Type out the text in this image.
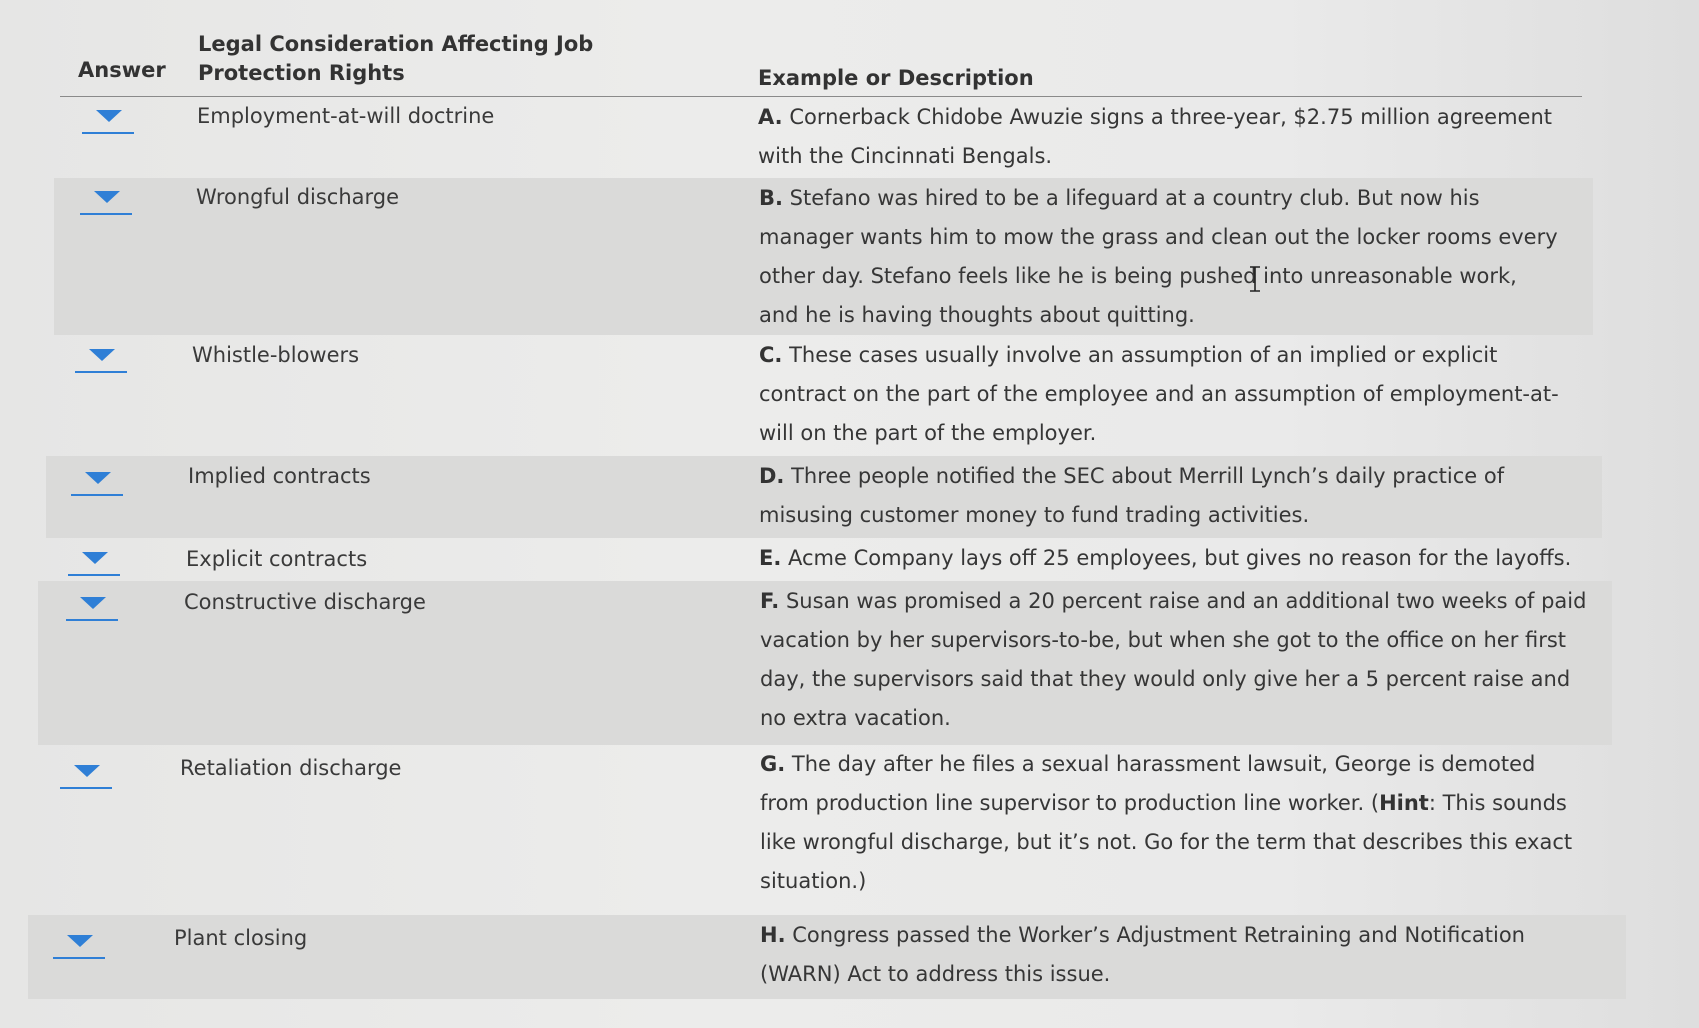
Answer
Legal Consideration Affecting Job Protection Rights	Example or Description
Employment-at-will doctrine	A. Cornerback Chidobe Awuzie signs a three-year, $2.75 million agreement with the Cincinnati Bengals.
Wrongful discharge	B. Stefano was hired to be a lifeguard at a country club. But now his manager wants him to mow the grass and clean out the locker rooms every other day. Stefano feels like he is being pushed into unreasonable work, and he is having thoughts about quitting.
Whistle-blowers	C. These cases usually involve an assumption of an implied or explicit contract on the part of the employee and an assumption of employment-at-will on the part of the employer.
Implied contracts	D. Three people notified the SEC about Merrill Lynch’s daily practice of misusing customer money to fund trading activities.
Explicit contracts	E. Acme Company lays off 25 employees, but gives no reason for the layoffs.
Constructive discharge	F. Susan was promised a 20 percent raise and an additional two weeks of paid vacation by her supervisors-to-be, but when she got to the office on her first day, the supervisors said that they would only give her a 5 percent raise and no extra vacation.
Retaliation discharge	G. The day after he files a sexual harassment lawsuit, George is demoted from production line supervisor to production line worker. (Hint: This sounds like wrongful discharge, but it’s not. Go for the term that describes this exact situation.)
Plant closing	H. Congress passed the Worker’s Adjustment Retraining and Notification (WARN) Act to address this issue.
